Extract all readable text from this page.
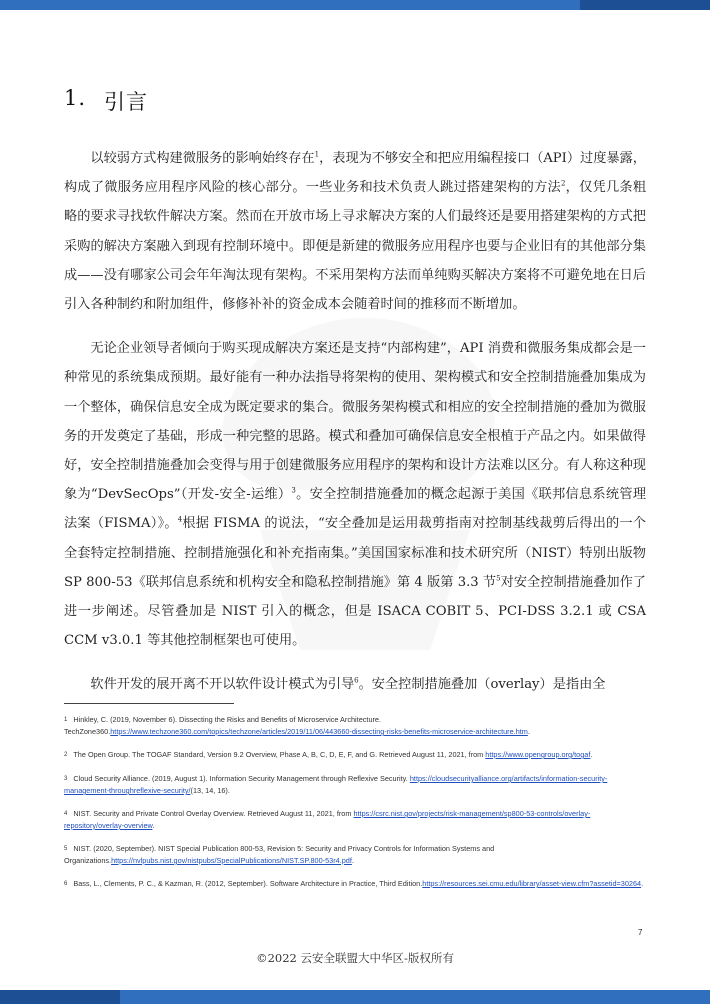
1. 引言

以较弱方式构建微服务的影响始终存在$^1$，表现为不够安全和把应用编程接口（API）过度暴露，构成了微服务应用程序风险的核心部分。一些业务和技术负责人跳过搭建架构的方法$^2$，仅凭几条粗略的要求寻找软件解决方案。然而在开放市场上寻求解决方案的人们最终还是要用搭建架构的方式把采购的解决方案融入到现有控制环境中。即便是新建的微服务应用程序也要与企业旧有的其他部分集成——没有哪家公司会年年淘汰现有架构。不采用架构方法而单纯购买解决方案将不可避免地在日后引入各种制约和附加组件，修修补补的资金成本会随着时间的推移而不断增加。

无论企业领导者倾向于购买现成解决方案还是支持“内部构建”，API 消费和微服务集成都会是一种常见的系统集成预期。最好能有一种办法指导将架构的使用、架构模式和安全控制措施叠加集成为一个整体，确保信息安全成为既定要求的集合。微服务架构模式和相应的安全控制措施的叠加为微服务的开发奠定了基础，形成一种完整的思路。模式和叠加可确保信息安全根植于产品之内。如果做得好，安全控制措施叠加会变得与用于创建微服务应用程序的架构和设计方法难以区分。有人称这种现象为“DevSecOps”（开发-安全-运维）$^3$。安全控制措施叠加的概念起源于美国《联邦信息系统管理法案（FISMA）》。$^4$根据 FISMA 的说法，“安全叠加是运用裁剪指南对控制基线裁剪后得出的一个全套特定控制措施、控制措施强化和补充指南集。”美国国家标准和技术研究所（NIST）特别出版物 SP 800-53《联邦信息系统和机构安全和隐私控制措施》第 4 版第 3.3 节$^5$对安全控制措施叠加作了进一步阐述。尽管叠加是 NIST 引入的概念，但是 ISACA COBIT 5、PCI-DSS 3.2.1 或 CSA CCM v3.0.1 等其他控制框架也可使用。

软件开发的展开离不开以软件设计模式为引导$^6$。安全控制措施叠加（overlay）是指由全

1 Hinkley, C. (2019, November 6). Dissecting the Risks and Benefits of Microservice Architecture. TechZone360.https://www.techzone360.com/topics/techzone/articles/2019/11/06/443660-dissecting-risks-benefits-microservice-architecture.htm.
2 The Open Group. The TOGAF Standard, Version 9.2 Overview, Phase A, B, C, D, E, F, and G. Retrieved August 11, 2021, from https://www.opengroup.org/togaf.
3 Cloud Security Alliance. (2019, August 1). Information Security Management through Reflexive Security. https://cloudsecurityalliance.org/artifacts/information-security-management-throughreflexive-security/(13, 14, 16).
4 NIST. Security and Private Control Overlay Overview. Retrieved August 11, 2021, from https://csrc.nist.gov/projects/risk-management/sp800-53-controls/overlay-repository/overlay-overview.
5 NIST. (2020, September). NIST Special Publication 800-53, Revision 5: Security and Privacy Controls for Information Systems and Organizations.https://nvlpubs.nist.gov/nistpubs/SpecialPublications/NIST.SP.800-53r4.pdf.
6 Bass, L., Clements, P. C., & Kazman, R. (2012, September). Software Architecture in Practice, Third Edition.https://resources.sei.cmu.edu/library/asset-view.cfm?assetid=30264.
7
©2022 云安全联盟大中华区-版权所有
